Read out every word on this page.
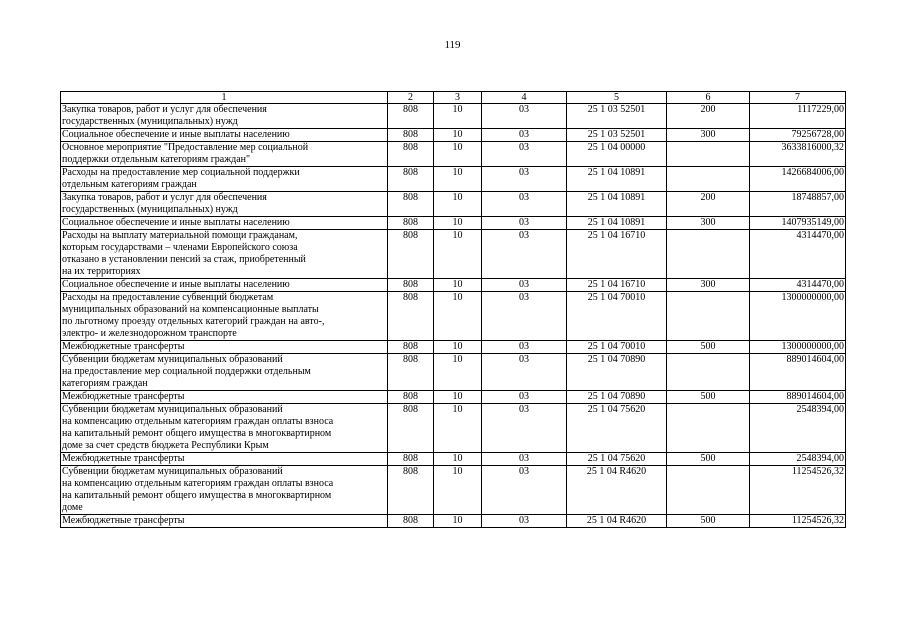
119
1	2	3	4	5	6	7

Закупка товаров, работ и услуг для обеспечения
государственных (муниципальных) нужд	808	10	03	25 1 03 52501	200	1117229,00

Социальное обеспечение и иные выплаты населению	808	10	03	25 1 03 52501	300	79256728,00

Основное мероприятие "Предоставление мер социальной
поддержки отдельным категориям граждан"	808	10	03	25 1 04 00000		3633816000,32

Расходы на предоставление мер социальной поддержки
отдельным категориям граждан	808	10	03	25 1 04 10891		1426684006,00

Закупка товаров, работ и услуг для обеспечения
государственных (муниципальных) нужд	808	10	03	25 1 04 10891	200	18748857,00

Социальное обеспечение и иные выплаты населению	808	10	03	25 1 04 10891	300	1407935149,00

Расходы на выплату материальной помощи гражданам,
которым государствами – членами Европейского союза
отказано в установлении пенсий за стаж, приобретенный
на их территориях	808	10	03	25 1 04 16710		4314470,00

Социальное обеспечение и иные выплаты населению	808	10	03	25 1 04 16710	300	4314470,00

Расходы на предоставление субвенций бюджетам
муниципальных образований на компенсационные выплаты
по льготному проезду отдельных категорий граждан на авто-,
электро- и железнодорожном транспорте	808	10	03	25 1 04 70010		1300000000,00

Межбюджетные трансферты	808	10	03	25 1 04 70010	500	1300000000,00

Субвенции бюджетам муниципальных образований
на предоставление мер социальной поддержки отдельным
категориям граждан	808	10	03	25 1 04 70890		889014604,00

Межбюджетные трансферты	808	10	03	25 1 04 70890	500	889014604,00

Субвенции бюджетам муниципальных образований
на компенсацию отдельным категориям граждан оплаты взноса
на капитальный ремонт общего имущества в многоквартирном
доме за счет средств бюджета Республики Крым	808	10	03	25 1 04 75620		2548394,00

Межбюджетные трансферты	808	10	03	25 1 04 75620	500	2548394,00

Субвенции бюджетам муниципальных образований
на компенсацию отдельным категориям граждан оплаты взноса
на капитальный ремонт общего имущества в многоквартирном
доме	808	10	03	25 1 04 R4620		11254526,32

Межбюджетные трансферты	808	10	03	25 1 04 R4620	500	11254526,32
